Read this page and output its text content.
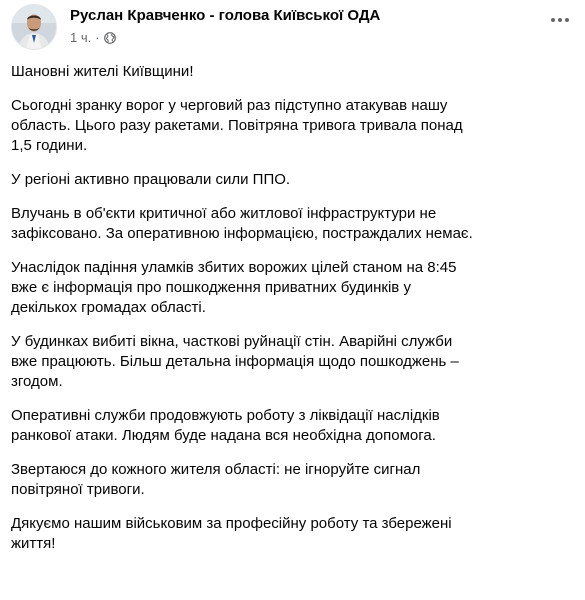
Руслан Кравченко - голова Київської ОДА
1 ч. ·

Шановні жителі Київщини!

Сьогодні зранку ворог у черговий раз підступно атакував нашу
область. Цього разу ракетами. Повітряна тривога тривала понад
1,5 години.

У регіоні активно працювали сили ППО.

Влучань в об'єкти критичної або житлової інфраструктури не
зафіксовано. За оперативною інформацією, постраждалих немає.

Унаслідок падіння уламків збитих ворожих цілей станом на 8:45
вже є інформація про пошкодження приватних будинків у
декількох громадах області.

У будинках вибиті вікна, часткові руйнації стін. Аварійні служби
вже працюють. Більш детальна інформація щодо пошкоджень –
згодом.

Оперативні служби продовжують роботу з ліквідації наслідків
ранкової атаки. Людям буде надана вся необхідна допомога.

Звертаюся до кожного жителя області: не ігноруйте сигнал
повітряної тривоги.

Дякуємо нашим військовим за професійну роботу та збережені
життя!
